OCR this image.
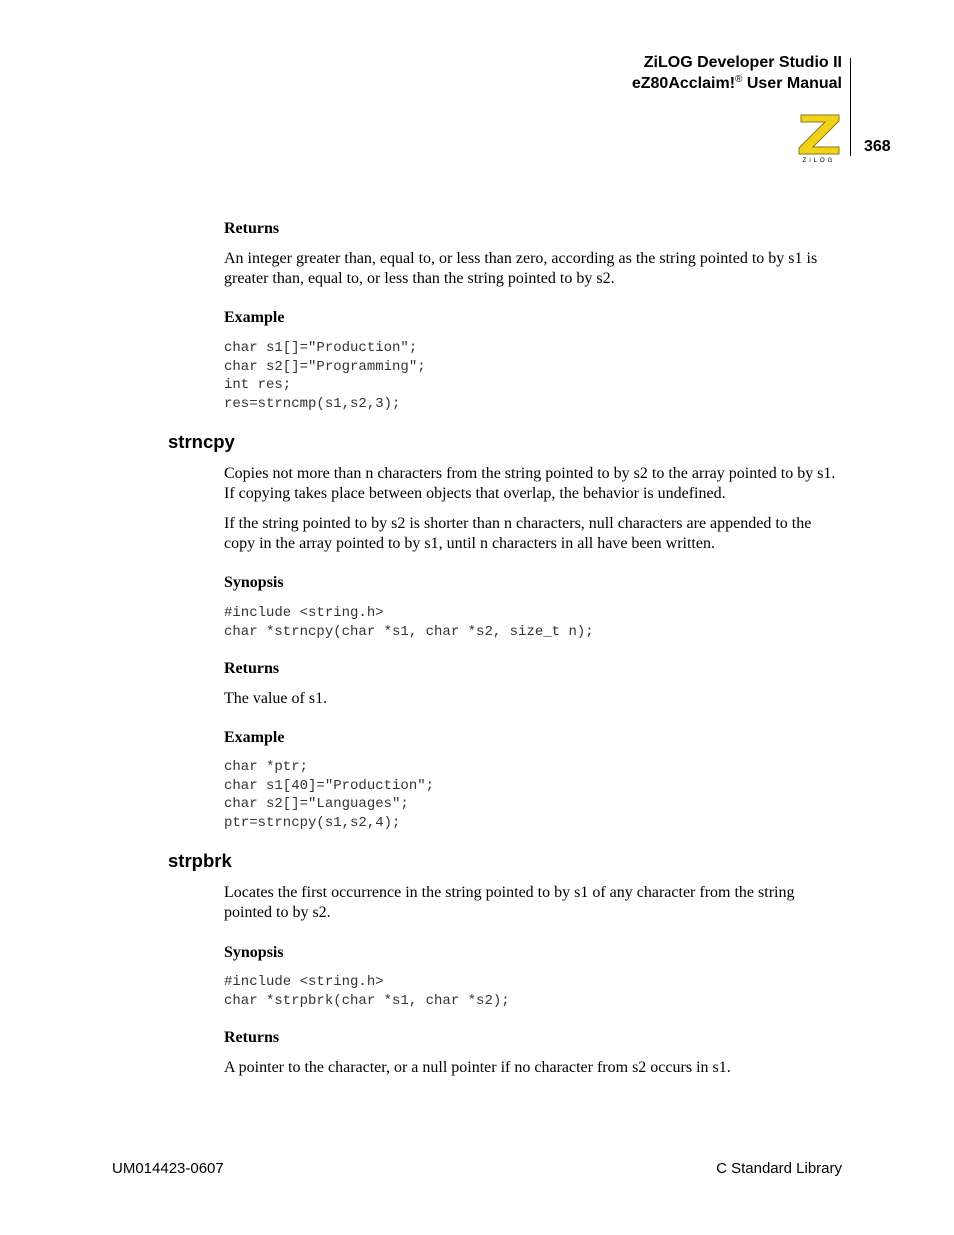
ZiLOG Developer Studio II
eZ80Acclaim!® User Manual
ZiLOG
368
Returns
An integer greater than, equal to, or less than zero, according as the string pointed to by s1 is greater than, equal to, or less than the string pointed to by s2.
Example
char s1[]="Production";
char s2[]="Programming";
int res;
res=strncmp(s1,s2,3);
strncpy
Copies not more than n characters from the string pointed to by s2 to the array pointed to by s1. If copying takes place between objects that overlap, the behavior is undefined.
If the string pointed to by s2 is shorter than n characters, null characters are appended to the copy in the array pointed to by s1, until n characters in all have been written.
Synopsis
#include <string.h>
char *strncpy(char *s1, char *s2, size_t n);
Returns
The value of s1.
Example
char *ptr;
char s1[40]="Production";
char s2[]="Languages";
ptr=strncpy(s1,s2,4);
strpbrk
Locates the first occurrence in the string pointed to by s1 of any character from the string pointed to by s2.
Synopsis
#include <string.h>
char *strpbrk(char *s1, char *s2);
Returns
A pointer to the character, or a null pointer if no character from s2 occurs in s1.
UM014423-0607	C Standard Library
